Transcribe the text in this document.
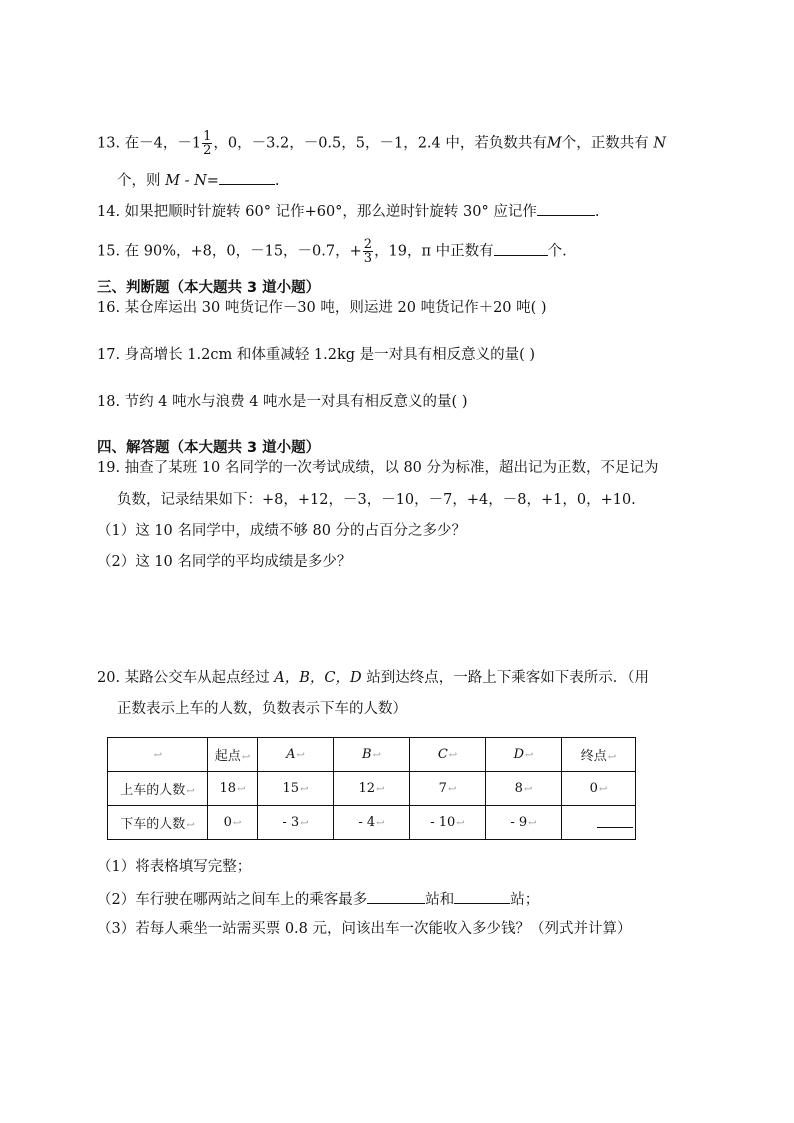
13. 在－4，$-1 \frac{1}{2}$ ，0，－3.2，－0.5，5，－1，2.4 中，若负数共有M个，正数共有 N
个，则 M - N=	.
14. 如果把顺时针旋转 60° 记作+60°，那么逆时针旋转 30° 应记作	.
15. 在 90%，+8，0，－15，－0.7，+ $\frac{2}{3}$ ，19，π 中正数有	个.
三、判断题（本大题共 3 道小题）
16. 某仓库运出 30 吨货记作－30 吨，则运进 20 吨货记作＋20 吨( )
17. 身高增长 1.2cm 和体重减轻 1.2kg 是一对具有相反意义的量( )
18. 节约 4 吨水与浪费 4 吨水是一对具有相反意义的量( )
四、解答题（本大题共 3 道小题）
19. 抽查了某班 10 名同学的一次考试成绩，以 80 分为标准，超出记为正数，不足记为
负数，记录结果如下：+8，+12，－3，－10，－7，+4，－8，+1，0，+10.
（1）这 10 名同学中，成绩不够 80 分的占百分之多少？
（2）这 10 名同学的平均成绩是多少？
20. 某路公交车从起点经过 A，B，C，D 站到达终点，一路上下乘客如下表所示．（用
正数表示上车的人数，负数表示下车的人数）
↩	起点↩	A↩	B↩	C↩	D↩	终点↩
上车的人数↩	18↩	15↩	12↩	7↩	8↩	0↩
下车的人数↩	0↩	- 3↩	- 4↩	- 10↩	- 9↩	
（1）将表格填写完整；
（2）车行驶在哪两站之间车上的乘客最多	站和	站；
（3）若每人乘坐一站需买票 0.8 元，问该出车一次能收入多少钱？（列式并计算）
